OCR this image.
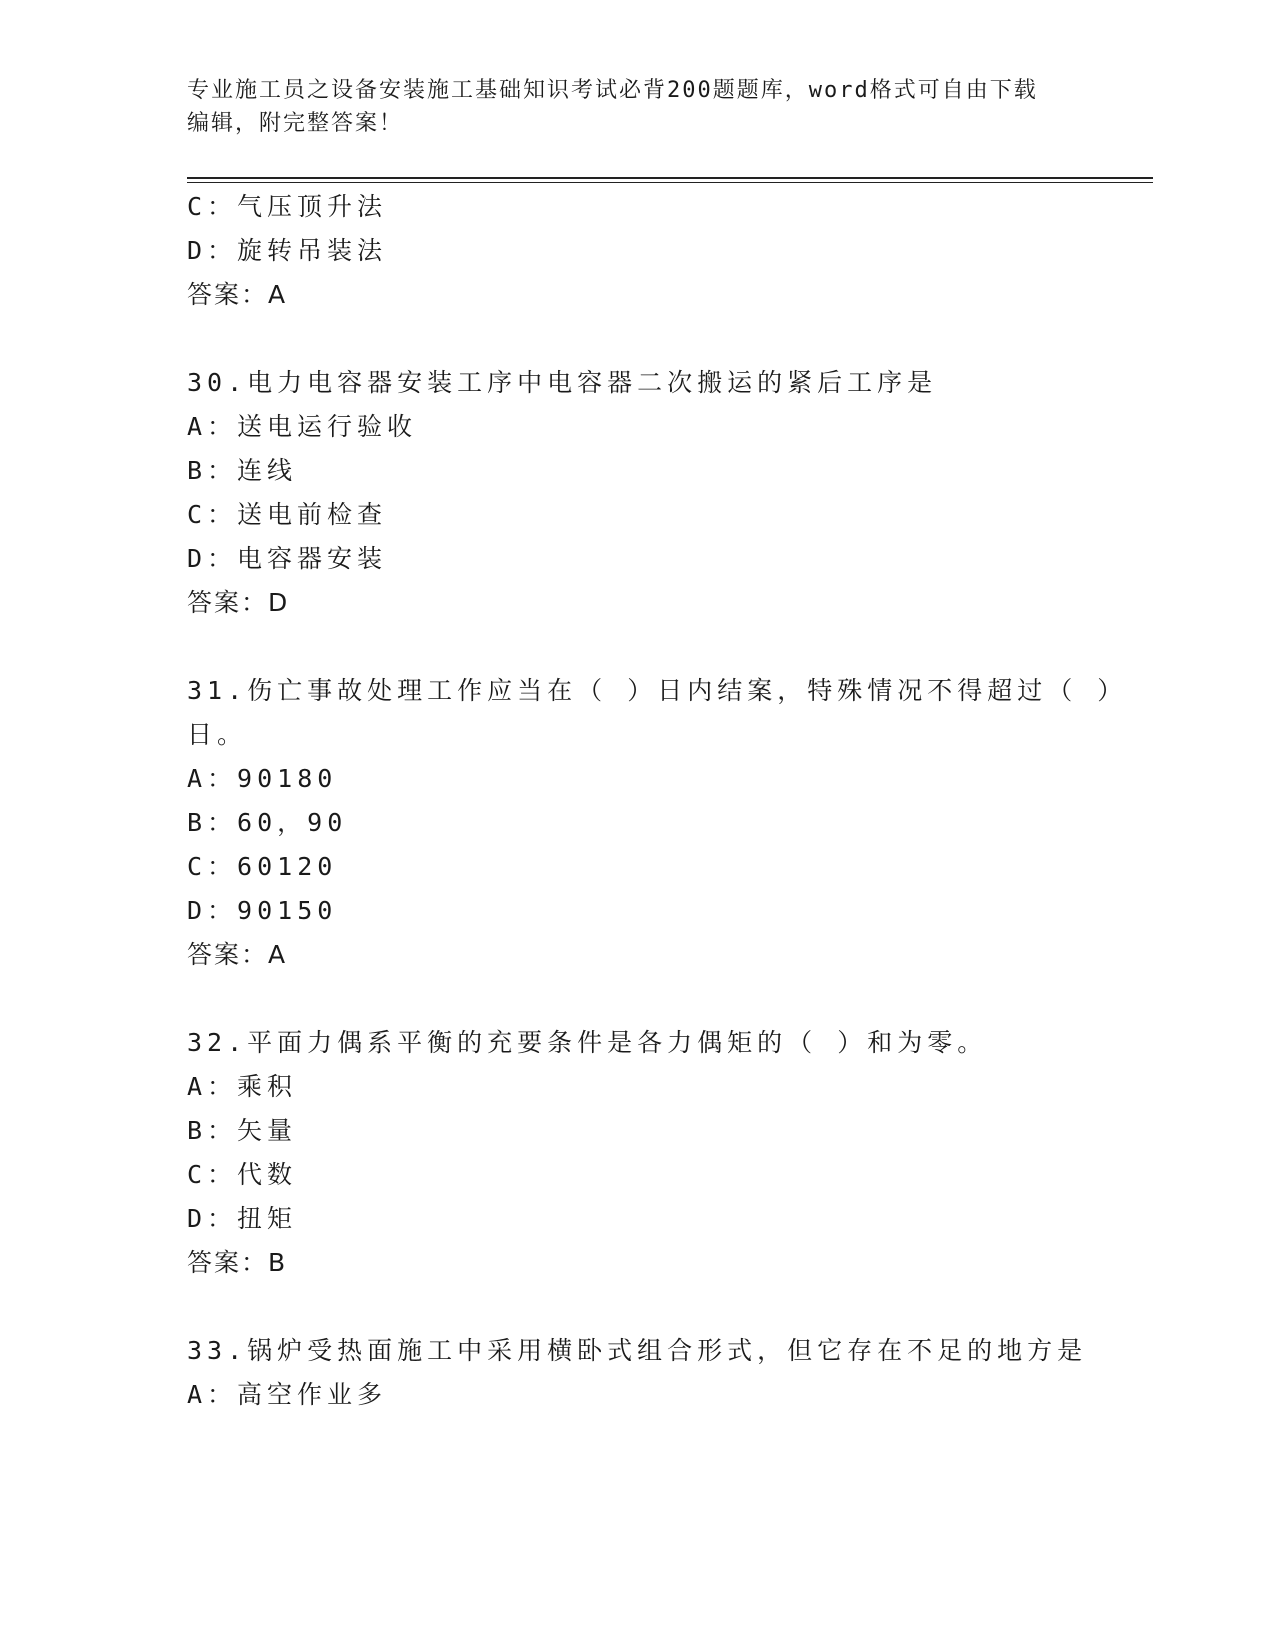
专业施工员之设备安装施工基础知识考试必背200题题库，word格式可自由下载
编辑，附完整答案！
C：气压顶升法
D：旋转吊装法
答案：A
30.电力电容器安装工序中电容器二次搬运的紧后工序是
A：送电运行验收
B：连线
C：送电前检查
D：电容器安装
答案：D
31.伤亡事故处理工作应当在（ ）日内结案，特殊情况不得超过（ ）
日。
A：90180
B：60，90
C：60120
D：90150
答案：A
32.平面力偶系平衡的充要条件是各力偶矩的（ ）和为零。
A：乘积
B：矢量
C：代数
D：扭矩
答案：B
33.锅炉受热面施工中采用横卧式组合形式，但它存在不足的地方是
A：高空作业多
